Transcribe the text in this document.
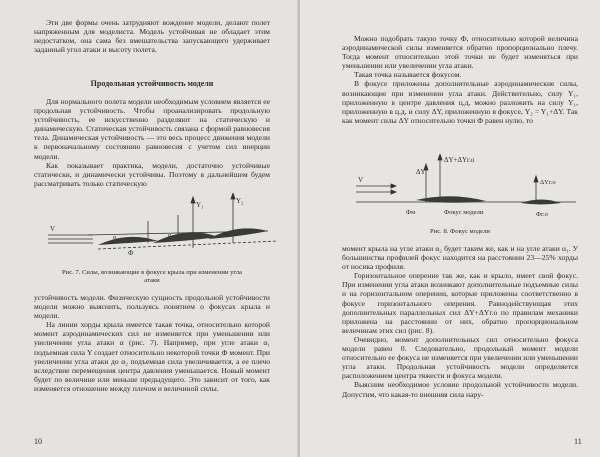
Эти две формы очень затрудняют вождение модели, делают полет напряженным для моделиста. Модель устойчивая не обладает этим недостатком, она сама без вмешательства запускающего удерживает заданный угол атаки и высоту полета.

Продольная устойчивость модели

Для нормального полета модели необходимым условием является ее продольная устойчивость. Чтобы проанализировать продольную устойчивость, ее искусственно разделяют на статическую и динамическую. Статическая устойчивость связана с формой равновесия тела. Динамическая устойчивость — это весь процесс движения модели к первоначальному состоянию равновесия с учетом сил инерции модели.

Как показывает практика, модели, достаточно устойчивые статически, и динамически устойчивы. Поэтому в дальнейшем будем рассматривать только статическую

Y₁	Y₂
V
Ф
α₁	α₂	α₃
Рис. 7. Силы, возникающие в фокусе крыла при изменении угла атаки

устойчивость модели. Физическую сущность продольной устойчивости модели можно выяснить, пользуясь понятием о фокусах крыла и модели.

На линии хорды крыла имеется такая точка, относительно которой момент аэродинамических сил не изменяется при уменьшении или увеличении угла атаки α (рис. 7). Например, при угле атаки α₁ подъемная сила Y создает относительно некоторой точки Ф момент. При увеличении угла атаки до α₂ подъемная сила увеличивается, а ее плечо вследствие перемещения центра давления уменьшается. Новый момент будет по величине или меньше предыдущего. Это зависит от того, как изменяется отношение между плечом и величиной силы.

10

Можно подобрать такую точку Ф, относительно которой величина аэродинамической силы изменяется обратно пропорционально плечу. Тогда момент относительно этой точки не будет изменяться при уменьшении или увеличении угла атаки.

Такая точка называется фокусом.

В фокусе приложены дополнительные аэродинамические силы, возникающие при изменении угла атаки. Действительно, силу Y₁, приложенную в центре давления ц.д, можно разложить на силу Y₁, приложенную в ц.д, и силу ΔY, приложенную в фокусе, Y₂ = Y₁+ΔY. Так как момент силы ΔY относительно точки Ф равен нулю, то

ΔY
ΔY+ΔYг.о
ΔYг.о
V
Фм	Фокус модели	Фг.о
Рис. 8. Фокус модели

момент крыла на угле атаки α₂ будет таким же, как и на угле атаки α₁. У большинства профилей фокус находится на расстоянии 23—25% хорды от носика профиля.

Горизонтальное оперение так же, как и крыло, имеет свой фокус. При изменении угла атаки возникают дополнительные подъемные силы и на горизонтальном оперении, которые приложены соответственно в фокусе горизонтального оперения. Равнодействующая этих дополнительных параллельных сил ΔY+ΔYг.о по правилам механики приложена на расстоянии от них, обратно пропорциональном величинам этих сил (рис. 8).

Очевидно, момент дополнительных сил относительно фокуса модели равен 0. Следовательно, продольный момент модели относительно ее фокуса не изменяется при увеличении или уменьшении угла атаки. Продольная устойчивость модели определяется расположением центра тяжести и фокуса модели.

Выясним необходимое условие продольной устойчивости модели. Допустим, что какая-то внешняя сила нару-

11
